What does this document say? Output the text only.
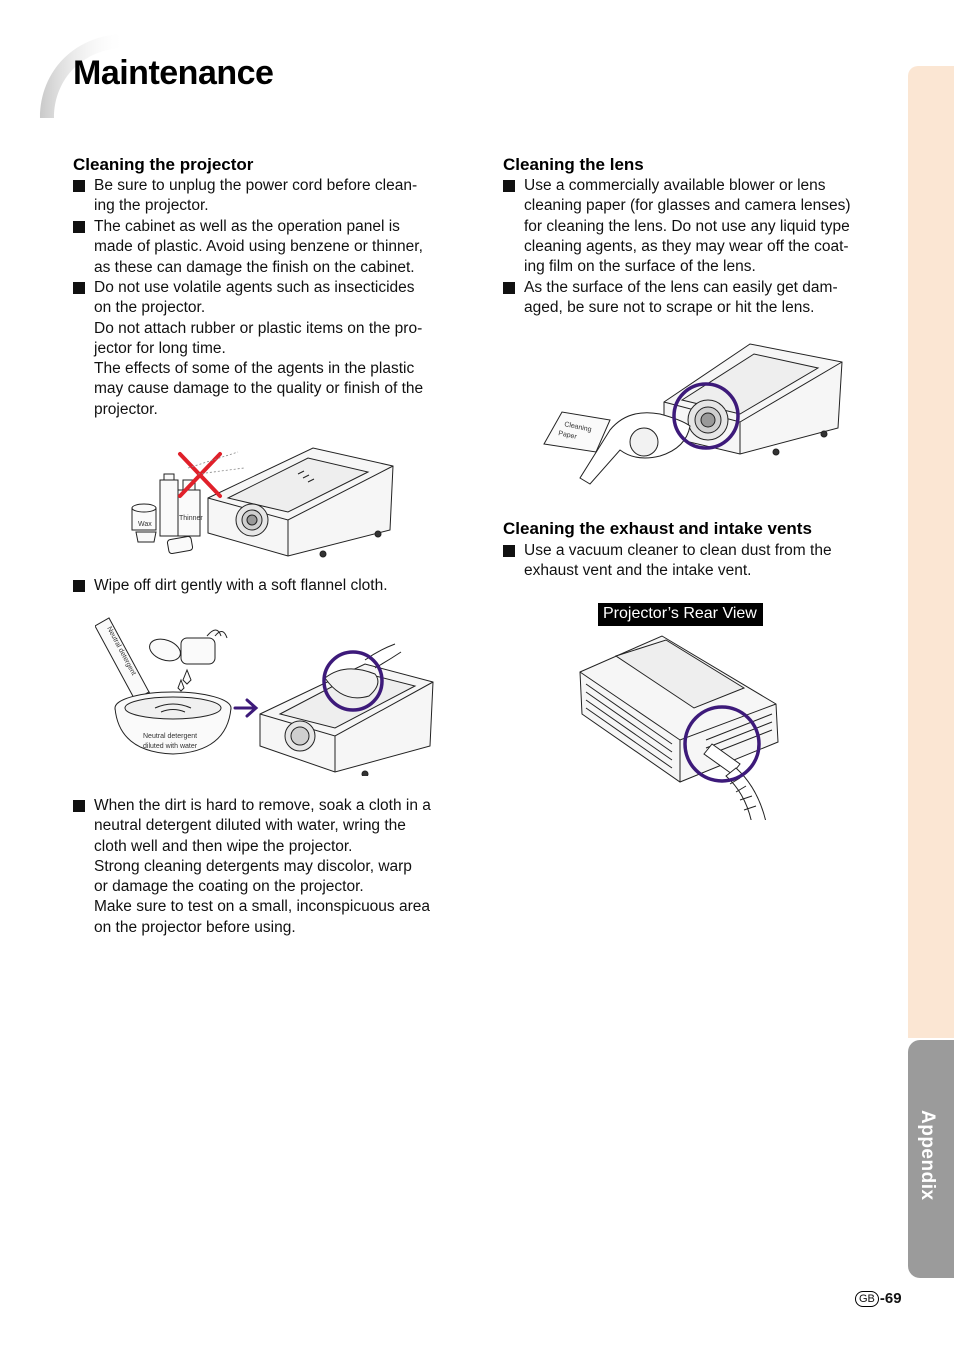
Maintenance
Appendix
Cleaning the projector
Be sure to unplug the power cord before clean-
ing the projector.
The cabinet as well as the operation panel is
made of plastic. Avoid using benzene or thinner,
as these can damage the finish on the cabinet.
Do not use volatile agents such as insecticides
on the projector.
Do not attach rubber or plastic items on the pro-
jector for long time.
The effects of some of the agents in the plastic
may cause damage to the quality or finish of the
projector.
Wax
Thinner
Wipe off dirt gently with a soft flannel cloth.
Neutral detergent
Neutral detergent
diluted with water
When the dirt is hard to remove, soak a cloth in a
neutral detergent diluted with water, wring the
cloth well and then wipe the projector.
Strong cleaning detergents may discolor, warp
or damage the coating on the projector.
Make sure to test on a small, inconspicuous area
on the projector before using.
Cleaning the lens
Use a commercially available blower or lens
cleaning paper (for glasses and camera lenses)
for cleaning the lens. Do not use any liquid type
cleaning agents, as they may wear off the coat-
ing film on the surface of the lens.
As the surface of the lens can easily get dam-
aged, be sure not to scrape or hit the lens.
Cleaning
Paper
Cleaning the exhaust and intake vents
Use a vacuum cleaner to clean dust from the
exhaust vent and the intake vent.
Projector’s Rear View
GB -69
